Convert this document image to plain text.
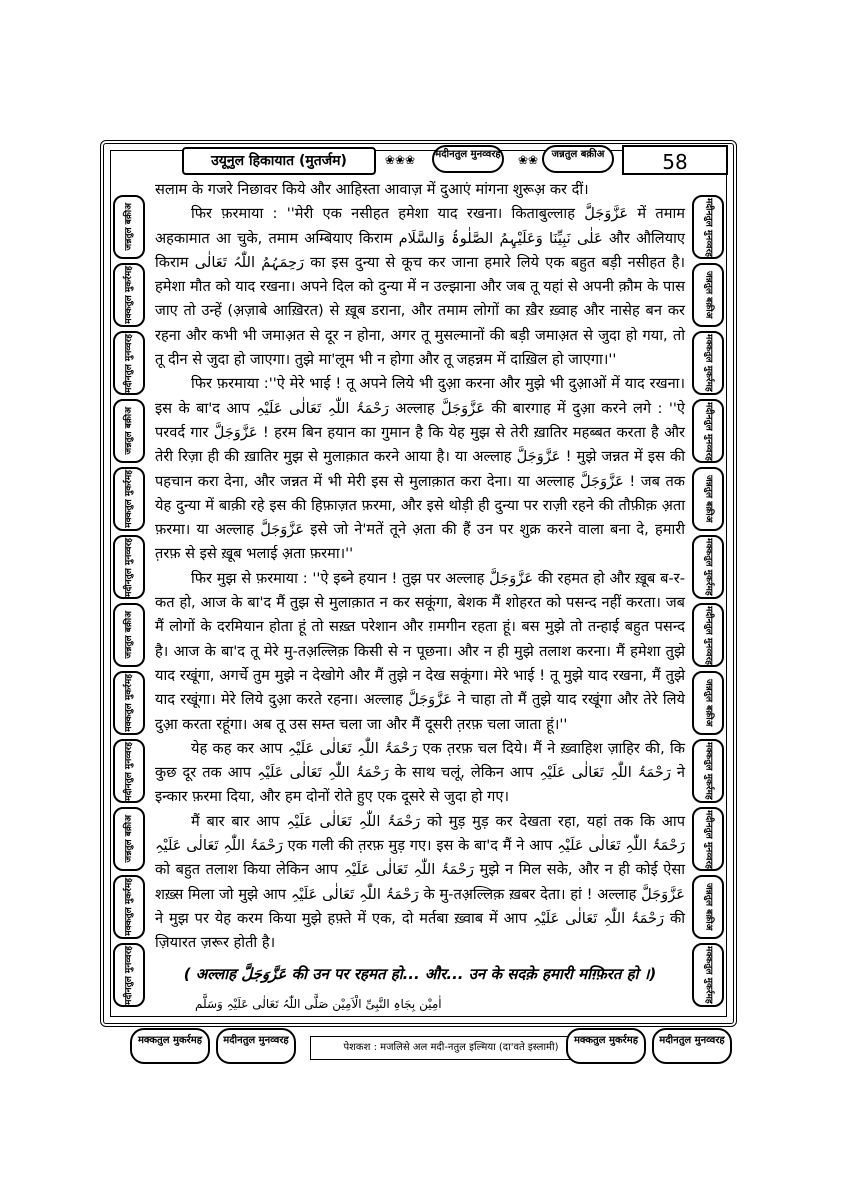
उयूनुल हिकायात (मुतर्जम)	❀❀❀	मदीनतुल मुनव्वरह	❀❀	जन्नतुल बक़ीअ	58
जन्नतुल बक़ीअ
मक्कतुल मुकर्रमह
मदीनतुल मुनव्वरह
जन्नतुल बक़ीअ
मक्कतुल मुकर्रमह
मदीनतुल मुनव्वरह
जन्नतुल बक़ीअ
मक्कतुल मुकर्रमह
मदीनतुल मुनव्वरह
जन्नतुल बक़ीअ
मक्कतुल मुकर्रमह
मदीनतुल मुनव्वरह
मदीनतुल मुनव्वरह
जन्नतुल बक़ीअ
मक्कतुल मुकर्रमह
मदीनतुल मुनव्वरह
जन्नतुल बक़ीअ
मक्कतुल मुकर्रमह
मदीनतुल मुनव्वरह
जन्नतुल बक़ीअ
मक्कतुल मुकर्रमह
मदीनतुल मुनव्वरह
जन्नतुल बक़ीअ
मक्कतुल मुकर्रमह

सलाम के गजरे निछावर किये और आहिस्ता आवाज़ में दुआएं मांगना शुरूअ़ कर दीं।

फिर फ़रमाया : ''मेरी एक नसीहत हमेशा याद रखना। किताबुल्लाह عَزَّوَجَلَّ में तमाम अहकामात आ चुके, तमाम अम्बियाए किराम عَلٰی نَبِیِّنَا وَعَلَیْہِمُ الصَّلٰوۃُ وَالسَّلَام और औलियाए किराम رَحِمَہُمُ اللّٰہُ تَعَالٰی का इस दुन्या से कूच कर जाना हमारे लिये एक बहुत बड़ी नसीहत है। हमेशा मौत को याद रखना। अपने दिल को दुन्या में न उल्झाना और जब तू यहां से अपनी क़ौम के पास जाए तो उन्हें (अ़ज़ाबे आख़िरत) से ख़ूब डराना, और तमाम लोगों का ख़ैर ख़्वाह और नासेह बन कर रहना और कभी भी जमाअ़त से दूर न होना, अगर तू मुसल्मानों की बड़ी जमाअ़त से जुदा हो गया, तो तू दीन से जुदा हो जाएगा। तुझे मा'लूम भी न होगा और तू जहन्नम में दाख़िल हो जाएगा।''

फिर फ़रमाया :''ऐ मेरे भाई ! तू अपने लिये भी दुआ़ करना और मुझे भी दुआ़ओं में याद रखना। इस के बा'द आप رَحْمَۃُ اللّٰہِ تَعَالٰی عَلَیْہِ अल्लाह عَزَّوَجَلَّ की बारगाह में दुआ़ करने लगे : ''ऐ परवर्द गार عَزَّوَجَلَّ ! हरम बिन हयान का गुमान है कि येह मुझ से तेरी ख़ातिर महब्बत करता है और तेरी रिज़ा ही की ख़ातिर मुझ से मुलाक़ात करने आया है। या अल्लाह عَزَّوَجَلَّ ! मुझे जन्नत में इस की पहचान करा देना, और जन्नत में भी मेरी इस से मुलाक़ात करा देना। या अल्लाह عَزَّوَجَلَّ ! जब तक येह दुन्या में बाक़ी रहे इस की हिफ़ाज़त फ़रमा, और इसे थोड़ी ही दुन्या पर राज़ी रहने की तौफ़ीक़ अ़ता फ़रमा। या अल्लाह عَزَّوَجَلَّ इसे जो ने'मतें तूने अ़ता की हैं उन पर शुक्र करने वाला बना दे, हमारी त़रफ़ से इसे ख़ूब भलाई अ़ता फ़रमा।''

फिर मुझ से फ़रमाया : ''ऐ इब्ने हयान ! तुझ पर अल्लाह عَزَّوَجَلَّ की रहमत हो और ख़ूब ब-र-कत हो, आज के बा'द मैं तुझ से मुलाक़ात न कर सकूंगा, बेशक मैं शोहरत को पसन्द नहीं करता। जब मैं लोगों के दरमियान होता हूं तो सख़्त परेशान और ग़मगीन रहता हूं। बस मुझे तो तन्हाई बहुत पसन्द है। आज के बा'द तू मेरे मु-तअ़ल्लिक़ किसी से न पूछना। और न ही मुझे तलाश करना। मैं हमेशा तुझे याद रखूंगा, अगर्चे तुम मुझे न देखोगे और मैं तुझे न देख सकूंगा। मेरे भाई ! तू मुझे याद रखना, मैं तुझे याद रखूंगा। मेरे लिये दुआ़ करते रहना। अल्लाह عَزَّوَجَلَّ ने चाहा तो मैं तुझे याद रखूंगा और तेरे लिये दुआ़ करता रहूंगा। अब तू उस सम्त चला जा और मैं दूसरी त़रफ़ चला जाता हूं।''

येह कह कर आप رَحْمَۃُ اللّٰہِ تَعَالٰی عَلَیْہِ एक त़रफ़ चल दिये। मैं ने ख़्वाहिश ज़ाहिर की, कि कुछ दूर तक आप رَحْمَۃُ اللّٰہِ تَعَالٰی عَلَیْہِ के साथ चलूं, लेकिन आप رَحْمَۃُ اللّٰہِ تَعَالٰی عَلَیْہِ ने इन्कार फ़रमा दिया, और हम दोनों रोते हुए एक दूसरे से जुदा हो गए।

मैं बार बार आप رَحْمَۃُ اللّٰہِ تَعَالٰی عَلَیْہِ को मुड़ मुड़ कर देखता रहा, यहां तक कि आप رَحْمَۃُ اللّٰہِ تَعَالٰی عَلَیْہِ एक गली की त़रफ़ मुड़ गए। इस के बा'द मैं ने आप رَحْمَۃُ اللّٰہِ تَعَالٰی عَلَیْہِ को बहुत तलाश किया लेकिन आप رَحْمَۃُ اللّٰہِ تَعَالٰی عَلَیْہِ मुझे न मिल सके, और न ही कोई ऐसा शख़्स मिला जो मुझे आप رَحْمَۃُ اللّٰہِ تَعَالٰی عَلَیْہِ के मु-तअ़ल्लिक़ ख़बर देता। हां ! अल्लाह عَزَّوَجَلَّ ने मुझ पर येह करम किया मुझे हफ़्ते में एक, दो मर्तबा ख़्वाब में आप رَحْمَۃُ اللّٰہِ تَعَالٰی عَلَیْہِ की ज़ियारत ज़रूर होती है।

( अल्लाह عَزَّوَجَلَّ की उन पर रहमत हो... और... उन के सदक़े हमारी मग़्फ़िरत हो ।)

اٰمِیْن بِجَاہِ النَّبِیِّ الْاَمِیْن صَلَّی اللّٰہُ تَعَالٰی عَلَیْہِ وَسَلَّم

मक्कतुल मुकर्रमह	मदीनतुल मुनव्वरह
पेशकश : मजलिसे अल मदी-नतुल इल्मिया (दा'वते इस्लामी)
मक्कतुल मुकर्रमह	मदीनतुल मुनव्वरह
